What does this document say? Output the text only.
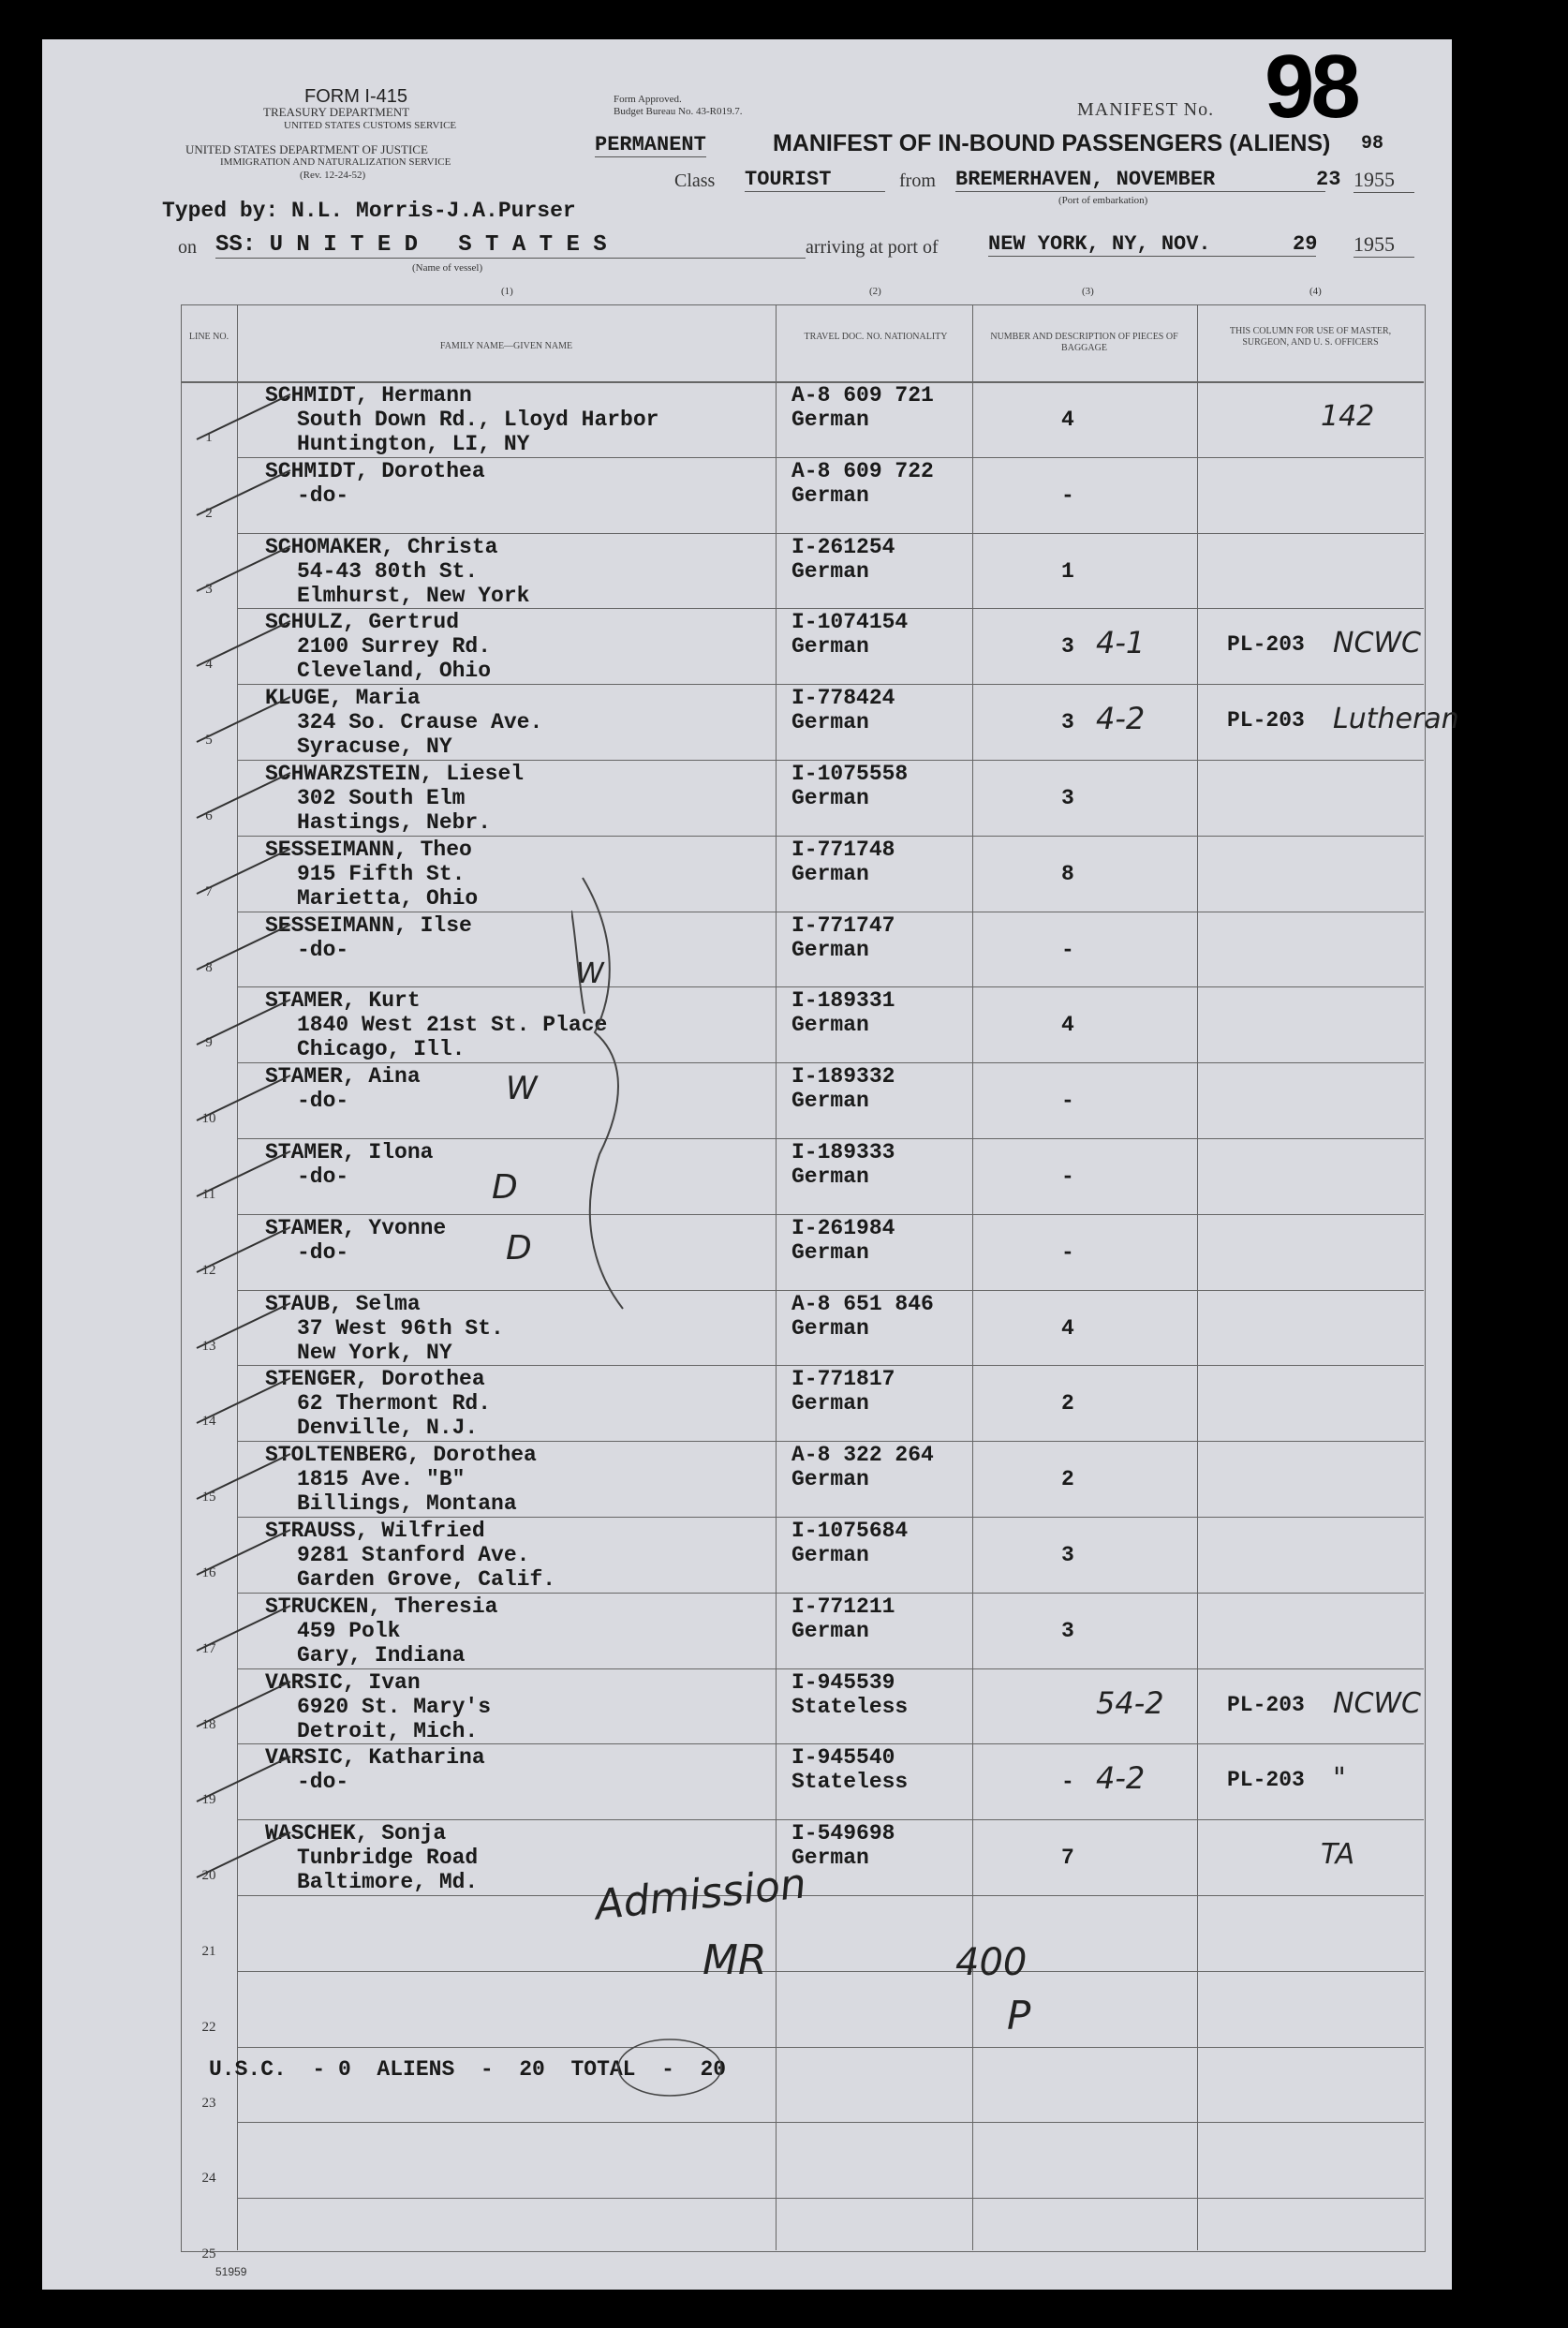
FORM I-415
TREASURY DEPARTMENT
UNITED STATES CUSTOMS SERVICE
UNITED STATES DEPARTMENT OF JUSTICE
IMMIGRATION AND NATURALIZATION SERVICE
(Rev. 12-24-52)
Form Approved.
Budget Bureau No. 43-R019.7.	MANIFEST No. 98
PERMANENT	MANIFEST OF IN-BOUND PASSENGERS (ALIENS) 98
Class TOURIST	from BREMERHAVEN, NOVEMBER	23 1955
(Port of embarkation)
Typed by: N.L. Morris-J.A.Purser
on SS: U N I T E D   S T A T E S
(Name of vessel)
arriving at port of NEW YORK, NY, NOV.	29 1955
(1)	(2)	(3)	(4)
LINE NO.
FAMILY NAME—GIVEN NAME
TRAVEL DOC. NO. NATIONALITY	NUMBER AND DESCRIPTION OF PIECES OF BAGGAGE
THIS COLUMN FOR USE OF MASTER, SURGEON, AND U. S. OFFICERS
1
SCHMIDT, Hermann
South Down Rd., Lloyd Harbor
Huntington, LI, NY
A-8 609 721
German	4	142
2
SCHMIDT, Dorothea
-do-
A-8 609 722
German	-
3
SCHOMAKER, Christa
54-43 80th St.
Elmhurst, New York
I-261254
German	1
4
SCHULZ, Gertrud
2100 Surrey Rd.
Cleveland, Ohio
I-1074154
German	3 4-1	PL-203 NCWC
5
KLUGE, Maria
324 So. Crause Ave.
Syracuse, NY
I-778424
German	3 4-2	PL-203 Lutheran
6
SCHWARZSTEIN, Liesel
302 South Elm
Hastings, Nebr.
I-1075558
German	3
7
SESSEIMANN, Theo
915 Fifth St.
Marietta, Ohio
I-771748
German	8
8
SESSEIMANN, Ilse
-do-
I-771747
German	-
9
STAMER, Kurt
1840 West 21st St. Place
Chicago, Ill.
I-189331
German	4
10
STAMER, Aina
-do-
I-189332
German	-
11
STAMER, Ilona
-do-
I-189333
German	-
12
STAMER, Yvonne
-do-
I-261984
German	-
13
STAUB, Selma
37 West 96th St.
New York, NY
A-8 651 846
German	4
14
STENGER, Dorothea
62 Thermont Rd.
Denville, N.J.
I-771817
German	2
15
STOLTENBERG, Dorothea
1815 Ave. "B"
Billings, Montana
A-8 322 264
German	2
16
STRAUSS, Wilfried
9281 Stanford Ave.
Garden Grove, Calif.
I-1075684
German	3
17
STRUCKEN, Theresia
459 Polk
Gary, Indiana
I-771211
German	3
18
VARSIC, Ivan
6920 St. Mary's
Detroit, Mich.
I-945539
Stateless	54-2	PL-203 NCWC
19
VARSIC, Katharina
-do-
I-945540
Stateless	- 4-2	PL-203 "
20
WASCHEK, Sonja
Tunbridge Road
Baltimore, Md.
I-549698
German	7	TA
21
22
23
24
25
U.S.C.  - 0  ALIENS  -  20  TOTAL  -  20
W
W
D
D
Admission
MR	400
P
51959
